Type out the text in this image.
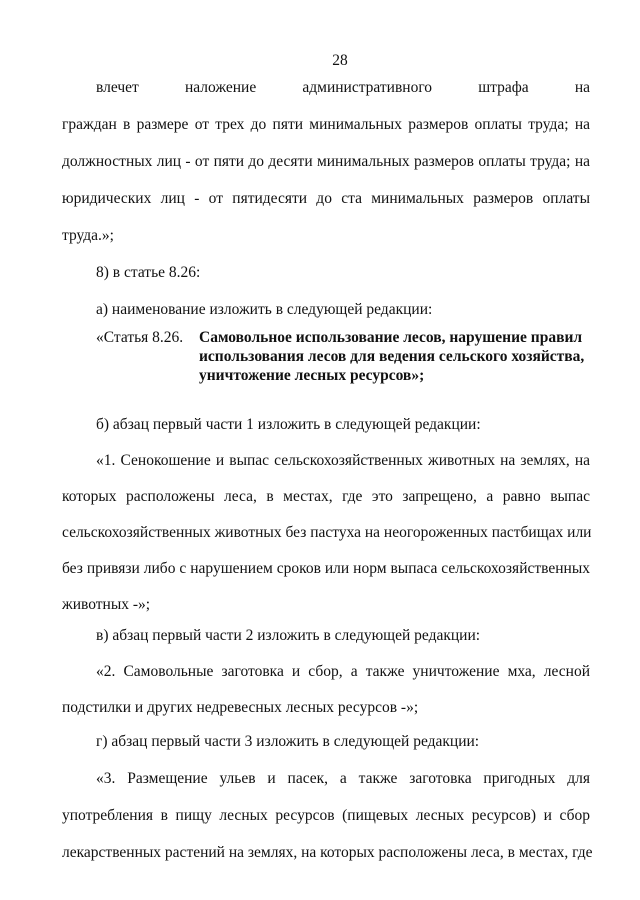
28
влечет наложение административного штрафа на
граждан в размере от трех до пяти минимальных размеров оплаты труда; на
должностных лиц - от пяти до десяти минимальных размеров оплаты труда; на
юридических лиц - от пятидесяти до ста минимальных размеров оплаты
труда.»;
8) в статье 8.26:
а) наименование изложить в следующей редакции:
«Статья 8.26.	Самовольное использование лесов, нарушение правил
использования лесов для ведения сельского хозяйства,
уничтожение лесных ресурсов»;
б) абзац первый части 1 изложить в следующей редакции:
«1. Сенокошение и выпас сельскохозяйственных животных на землях, на
которых расположены леса, в местах, где это запрещено, а равно выпас
сельскохозяйственных животных без пастуха на неогороженных пастбищах или
без привязи либо с нарушением сроков или норм выпаса сельскохозяйственных
животных -»;
в) абзац первый части 2 изложить в следующей редакции:
«2. Самовольные заготовка и сбор, а также уничтожение мха, лесной
подстилки и других недревесных лесных ресурсов -»;
г) абзац первый части 3 изложить в следующей редакции:
«3. Размещение ульев и пасек, а также заготовка пригодных для
употребления в пищу лесных ресурсов (пищевых лесных ресурсов) и сбор
лекарственных растений на землях, на которых расположены леса, в местах, где
